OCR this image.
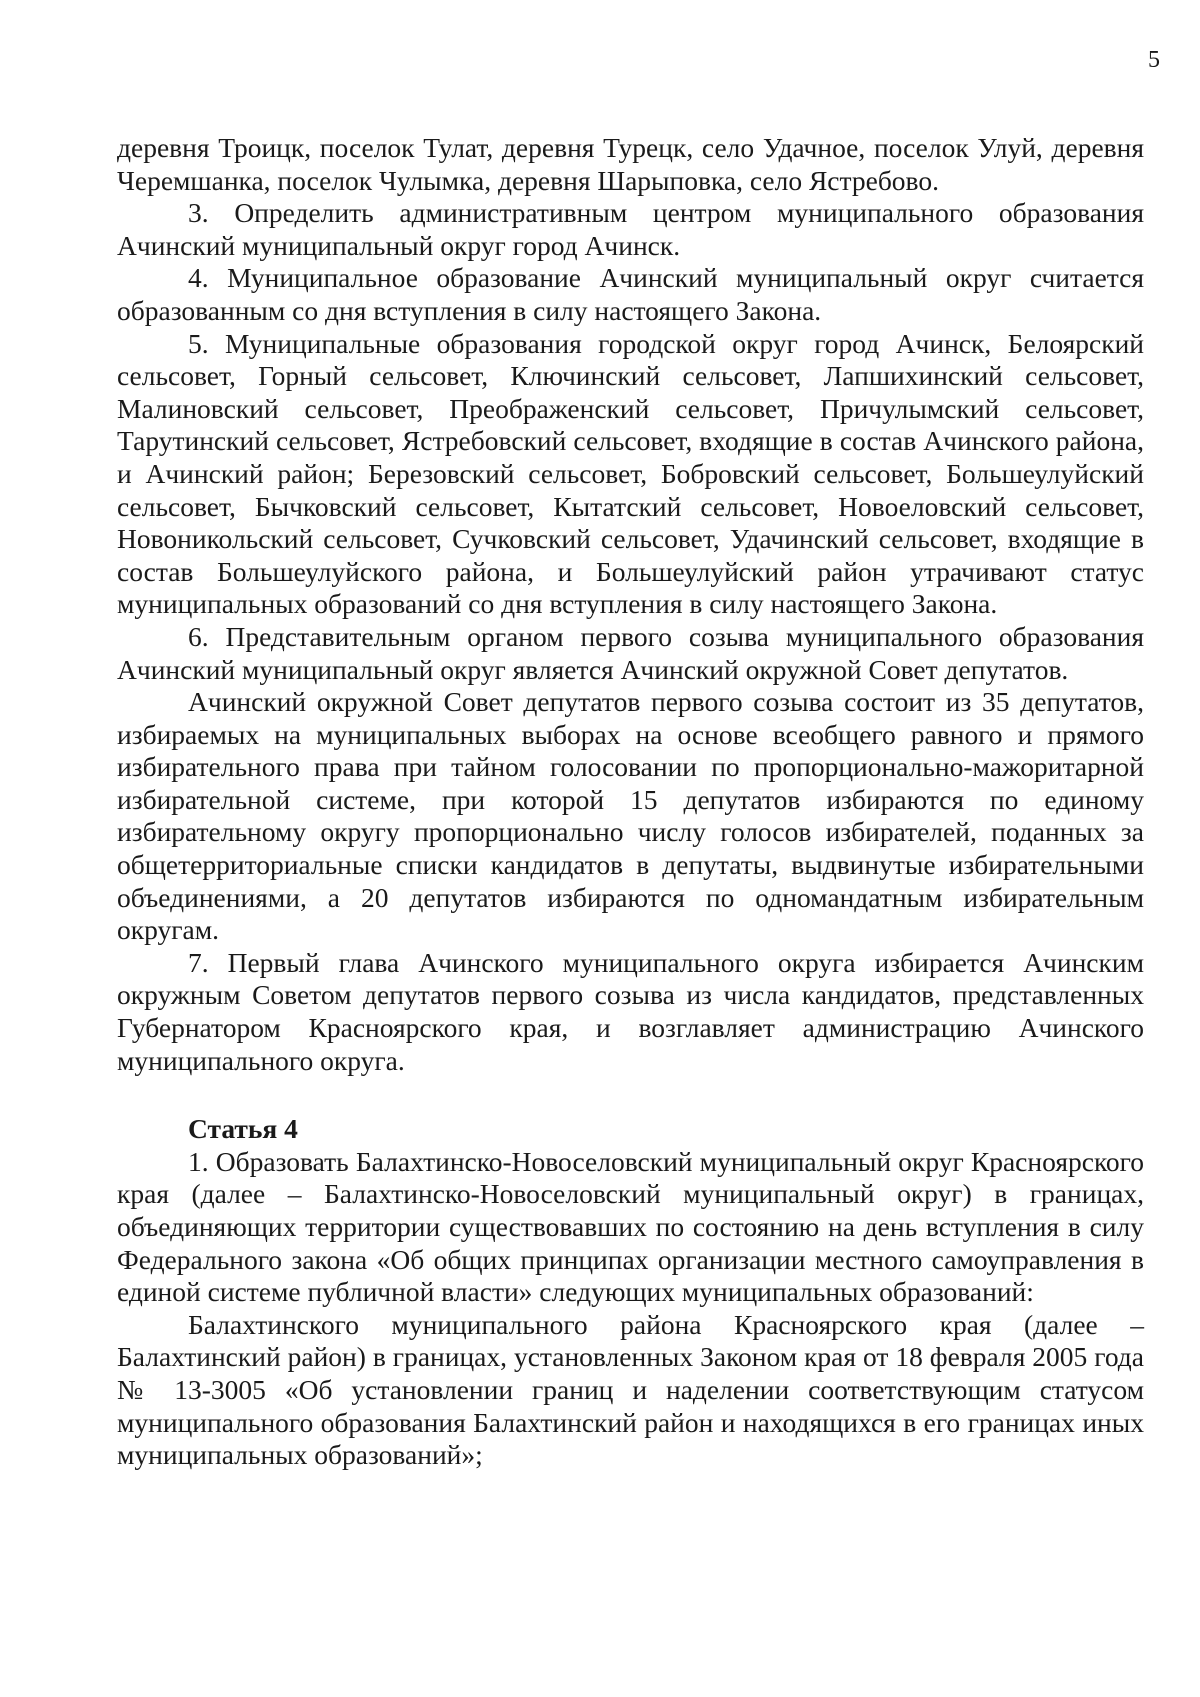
5

деревня Троицк, поселок Тулат, деревня Турецк, село Удачное, поселок Улуй, деревня Черемшанка, поселок Чулымка, деревня Шарыповка, село Ястребово.

3. Определить административным центром муниципального образования Ачинский муниципальный округ город Ачинск.

4. Муниципальное образование Ачинский муниципальный округ считается образованным со дня вступления в силу настоящего Закона.

5. Муниципальные образования городской округ город Ачинск, Белоярский сельсовет, Горный сельсовет, Ключинский сельсовет, Лапшихинский сельсовет, Малиновский сельсовет, Преображенский сельсовет, Причулымский сельсовет, Тарутинский сельсовет, Ястребовский сельсовет, входящие в состав Ачинского района, и Ачинский район; Березовский сельсовет, Бобровский сельсовет, Большеулуйский сельсовет, Бычковский сельсовет, Кытатский сельсовет, Новоеловский сельсовет, Новоникольский сельсовет, Сучковский сельсовет, Удачинский сельсовет, входящие в состав Большеулуйского района, и Большеулуйский район утрачивают статус муниципальных образований со дня вступления в силу настоящего Закона.

6. Представительным органом первого созыва муниципального образования Ачинский муниципальный округ является Ачинский окружной Совет депутатов.

Ачинский окружной Совет депутатов первого созыва состоит из 35 депутатов, избираемых на муниципальных выборах на основе всеобщего равного и прямого избирательного права при тайном голосовании по пропорционально-мажоритарной избирательной системе, при которой 15 депутатов избираются по единому избирательному округу пропорционально числу голосов избирателей, поданных за общетерриториальные списки кандидатов в депутаты, выдвинутые избирательными объединениями, а 20 депутатов избираются по одномандатным избирательным округам.

7. Первый глава Ачинского муниципального округа избирается Ачинским окружным Советом депутатов первого созыва из числа кандидатов, представленных Губернатором Красноярского края, и возглавляет администрацию Ачинского муниципального округа.

Статья 4

1. Образовать Балахтинско-Новоселовский муниципальный округ Красноярского края (далее – Балахтинско-Новоселовский муниципальный округ) в границах, объединяющих территории существовавших по состоянию на день вступления в силу Федерального закона «Об общих принципах организации местного самоуправления в единой системе публичной власти» следующих муниципальных образований:

Балахтинского муниципального района Красноярского края (далее – Балахтинский район) в границах, установленных Законом края от 18 февраля 2005 года № 13-3005 «Об установлении границ и наделении соответствующим статусом муниципального образования Балахтинский район и находящихся в его границах иных муниципальных образований»;
